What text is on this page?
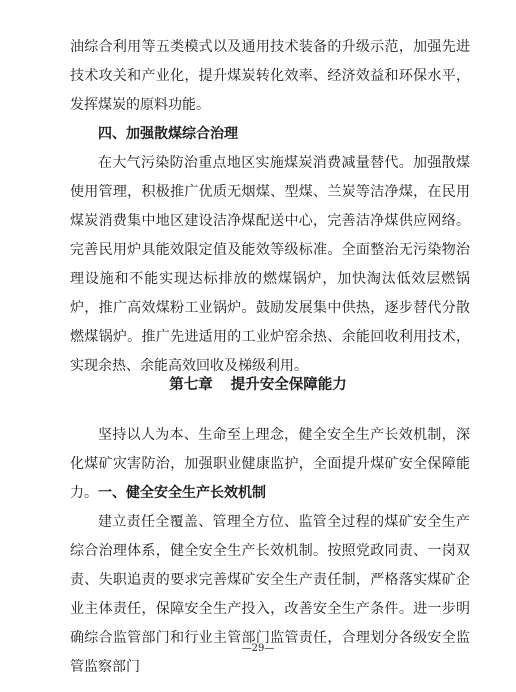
油综合利用等五类模式以及通用技术装备的升级示范，加强先进技术攻关和产业化，提升煤炭转化效率、经济效益和环保水平，发挥煤炭的原料功能。

四、加强散煤综合治理

在大气污染防治重点地区实施煤炭消费减量替代。加强散煤使用管理，积极推广优质无烟煤、型煤、兰炭等洁净煤，在民用煤炭消费集中地区建设洁净煤配送中心，完善洁净煤供应网络。完善民用炉具能效限定值及能效等级标准。全面整治无污染物治理设施和不能实现达标排放的燃煤锅炉，加快淘汰低效层燃锅炉，推广高效煤粉工业锅炉。鼓励发展集中供热，逐步替代分散燃煤锅炉。推广先进适用的工业炉窑余热、余能回收利用技术，实现余热、余能高效回收及梯级利用。

第七章 提升安全保障能力

坚持以人为本、生命至上理念，健全安全生产长效机制，深化煤矿灾害防治，加强职业健康监护，全面提升煤矿安全保障能力。 一、健全安全生产长效机制

建立责任全覆盖、管理全方位、监管全过程的煤矿安全生产综合治理体系，健全安全生产长效机制。按照党政同责、一岗双责、失职追责的要求完善煤矿安全生产责任制，严格落实煤矿企业主体责任，保障安全生产投入，改善安全生产条件。进一步明确综合监管部门和行业主管部门监管责任，合理划分各级安全监管监察部门

—29—
